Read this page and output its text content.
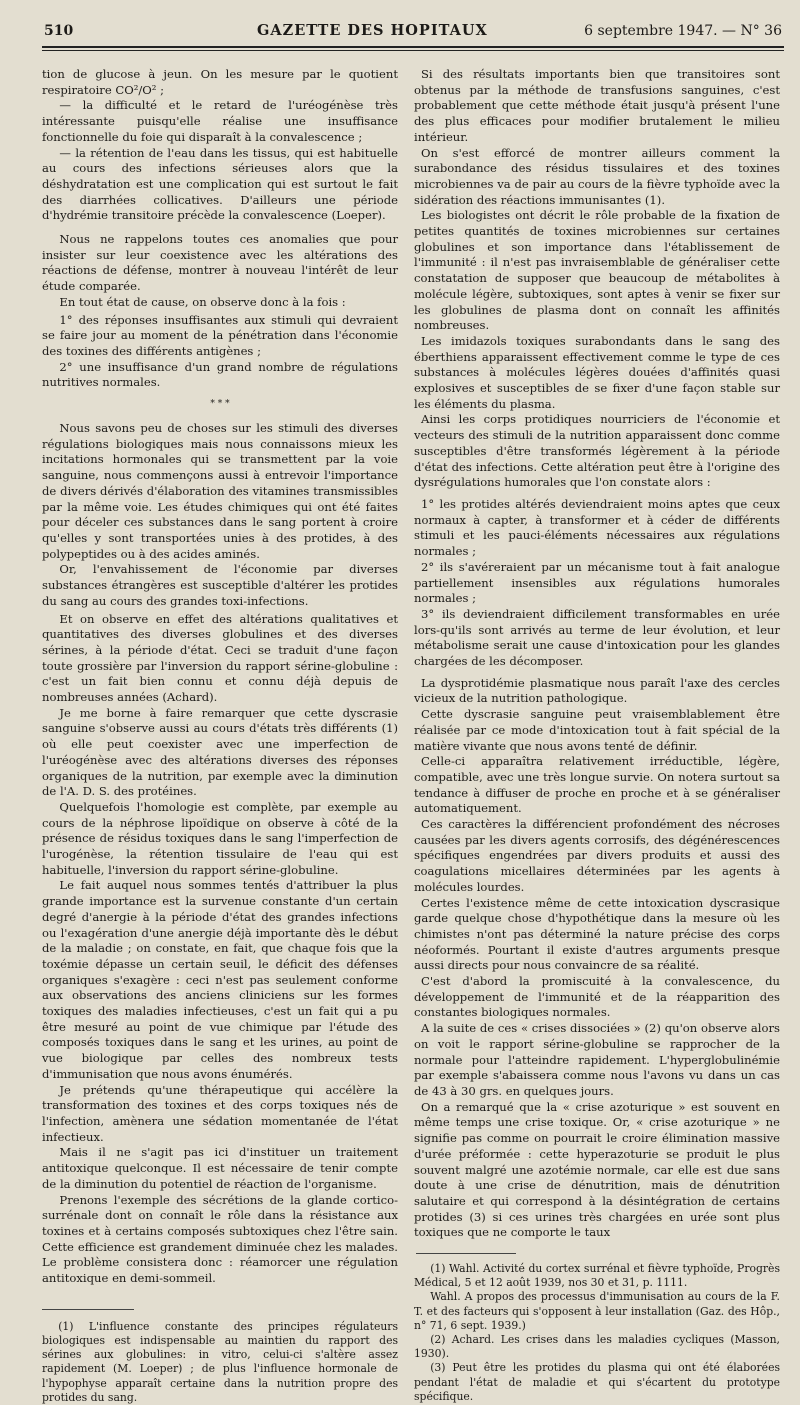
510	GAZETTE DES HOPITAUX	6 septembre 1947. — N° 36

tion de glucose à jeun. On les mesure par le quotient respiratoire CO²/O² ;

— la difficulté et le retard de l'uréogénèse très intéressante puisqu'elle réalise une insuffisance fonctionnelle du foie qui disparaît à la convalescence ;

— la rétention de l'eau dans les tissus, qui est habituelle au cours des infections sérieuses alors que la déshydratation est une complication qui est surtout le fait des diarrhées collicatives. D'ailleurs une période d'hydrémie transitoire précède la convalescence (Loeper).

Nous ne rappelons toutes ces anomalies que pour insister sur leur coexistence avec les altérations des réactions de défense, montrer à nouveau l'intérêt de leur étude comparée.

En tout état de cause, on observe donc à la fois :

1° des réponses insuffisantes aux stimuli qui devraient se faire jour au moment de la pénétration dans l'économie des toxines des différents antigènes ;

2° une insuffisance d'un grand nombre de régulations nutritives normales.

* * *

Nous savons peu de choses sur les stimuli des diverses régulations biologiques mais nous connaissons mieux les incitations hormonales qui se transmettent par la voie sanguine, nous commençons aussi à entrevoir l'importance de divers dérivés d'élaboration des vitamines transmissibles par la même voie. Les études chimiques qui ont été faites pour déceler ces substances dans le sang portent à croire qu'elles y sont transportées unies à des protides, à des polypeptides ou à des acides aminés.

Or, l'envahissement de l'économie par diverses substances étrangères est susceptible d'altérer les protides du sang au cours des grandes toxi-infections.

Et on observe en effet des altérations qualitatives et quantitatives des diverses globulines et des diverses sérines, à la période d'état. Ceci se traduit d'une façon toute grossière par l'inversion du rapport sérine-globuline : c'est un fait bien connu et connu déjà depuis de nombreuses années (Achard).

Je me borne à faire remarquer que cette dyscrasie sanguine s'observe aussi au cours d'états très différents (1) où elle peut coexister avec une imperfection de l'uréogénèse avec des altérations diverses des réponses organiques de la nutrition, par exemple avec la diminution de l'A. D. S. des protéines.

Quelquefois l'homologie est complète, par exemple au cours de la néphrose lipoïdique on observe à côté de la présence de résidus toxiques dans le sang l'imperfection de l'urogénèse, la rétention tissulaire de l'eau qui est habituelle, l'inversion du rapport sérine-globuline.

Le fait auquel nous sommes tentés d'attribuer la plus grande importance est la survenue constante d'un certain degré d'anergie à la période d'état des grandes infections ou l'exagération d'une anergie déjà importante dès le début de la maladie ; on constate, en fait, que chaque fois que la toxémie dépasse un certain seuil, le déficit des défenses organiques s'exagère : ceci n'est pas seulement conforme aux observations des anciens cliniciens sur les formes toxiques des maladies infectieuses, c'est un fait qui a pu être mesuré au point de vue chimique par l'étude des composés toxiques dans le sang et les urines, au point de vue biologique par celles des nombreux tests d'immunisation que nous avons énumérés.

Je prétends qu'une thérapeutique qui accélère la transformation des toxines et des corps toxiques nés de l'infection, amènera une sédation momentanée de l'état infectieux.

Mais il ne s'agit pas ici d'instituer un traitement antitoxique quelconque. Il est nécessaire de tenir compte de la diminution du potentiel de réaction de l'organisme.

Prenons l'exemple des sécrétions de la glande cortico-surrénale dont on connaît le rôle dans la résistance aux toxines et à certains composés subtoxiques chez l'être sain. Cette efficience est grandement diminuée chez les malades. Le problème consistera donc : réamorcer une régulation antitoxique en demi-sommeil.

(1) L'influence constante des principes régulateurs biologiques est indispensable au maintien du rapport des sérines aux globulines: in vitro, celui-ci s'altère assez rapidement (M. Loeper) ; de plus l'influence hormonale de l'hypophyse apparaît certaine dans la nutrition propre des protides du sang.

Si des résultats importants bien que transitoires sont obtenus par la méthode de transfusions sanguines, c'est probablement que cette méthode était jusqu'à présent l'une des plus efficaces pour modifier brutalement le milieu intérieur.

On s'est efforcé de montrer ailleurs comment la surabondance des résidus tissulaires et des toxines microbiennes va de pair au cours de la fièvre typhoïde avec la sidération des réactions immunisantes (1).

Les biologistes ont décrit le rôle probable de la fixation de petites quantités de toxines microbiennes sur certaines globulines et son importance dans l'établissement de l'immunité : il n'est pas invraisemblable de généraliser cette constatation de supposer que beaucoup de métabolites à molécule légère, subtoxiques, sont aptes à venir se fixer sur les globulines de plasma dont on connaît les affinités nombreuses.

Les imidazols toxiques surabondants dans le sang des éberthiens apparaissent effectivement comme le type de ces substances à molécules légères douées d'affinités quasi explosives et susceptibles de se fixer d'une façon stable sur les éléments du plasma.

Ainsi les corps protidiques nourriciers de l'économie et vecteurs des stimuli de la nutrition apparaissent donc comme susceptibles d'être transformés légèrement à la période d'état des infections. Cette altération peut être à l'origine des dysrégulations humorales que l'on constate alors :

1° les protides altérés deviendraient moins aptes que ceux normaux à capter, à transformer et à céder de différents stimuli et les pauci-éléments nécessaires aux régulations normales ;

2° ils s'avéreraient par un mécanisme tout à fait analogue partiellement insensibles aux régulations humorales normales ;

3° ils deviendraient difficilement transformables en urée lors-qu'ils sont arrivés au terme de leur évolution, et leur métabolisme serait une cause d'intoxication pour les glandes chargées de les décomposer.

La dysprotidémie plasmatique nous paraît l'axe des cercles vicieux de la nutrition pathologique.

Cette dyscrasie sanguine peut vraisemblablement être réalisée par ce mode d'intoxication tout à fait spécial de la matière vivante que nous avons tenté de définir.

Celle-ci apparaîtra relativement irréductible, légère, compatible, avec une très longue survie. On notera surtout sa tendance à diffuser de proche en proche et à se généraliser automatiquement.

Ces caractères la différencient profondément des nécroses causées par les divers agents corrosifs, des dégénérescences spécifiques engendrées par divers produits et aussi des coagulations micellaires déterminées par les agents à molécules lourdes.

Certes l'existence même de cette intoxication dyscrasique garde quelque chose d'hypothétique dans la mesure où les chimistes n'ont pas déterminé la nature précise des corps néoformés. Pourtant il existe d'autres arguments presque aussi directs pour nous convaincre de sa réalité.

C'est d'abord la promiscuité à la convalescence, du développement de l'immunité et de la réapparition des constantes biologiques normales.

A la suite de ces « crises dissociées » (2) qu'on observe alors on voit le rapport sérine-globuline se rapprocher de la normale pour l'atteindre rapidement. L'hyperglobulinémie par exemple s'abaissera comme nous l'avons vu dans un cas de 43 à 30 grs. en quelques jours.

On a remarqué que la « crise azoturique » est souvent en même temps une crise toxique. Or, « crise azoturique » ne signifie pas comme on pourrait le croire élimination massive d'urée préformée : cette hyperazoturie se produit le plus souvent malgré une azotémie normale, car elle est due sans doute à une crise de dénutrition, mais de dénutrition salutaire et qui correspond à la désintégration de certains protides (3) si ces urines très chargées en urée sont plus toxiques que ne comporte le taux

(1) Wahl. Activité du cortex surrénal et fièvre typhoïde, Progrès Médical, 5 et 12 août 1939, nos 30 et 31, p. 1111.

Wahl. A propos des processus d'immunisation au cours de la F. T. et des facteurs qui s'opposent à leur installation (Gaz. des Hôp., n° 71, 6 sept. 1939.)

(2) Achard. Les crises dans les maladies cycliques (Masson, 1930).

(3) Peut être les protides du plasma qui ont été élaborées pendant l'état de maladie et qui s'écartent du prototype spécifique.
